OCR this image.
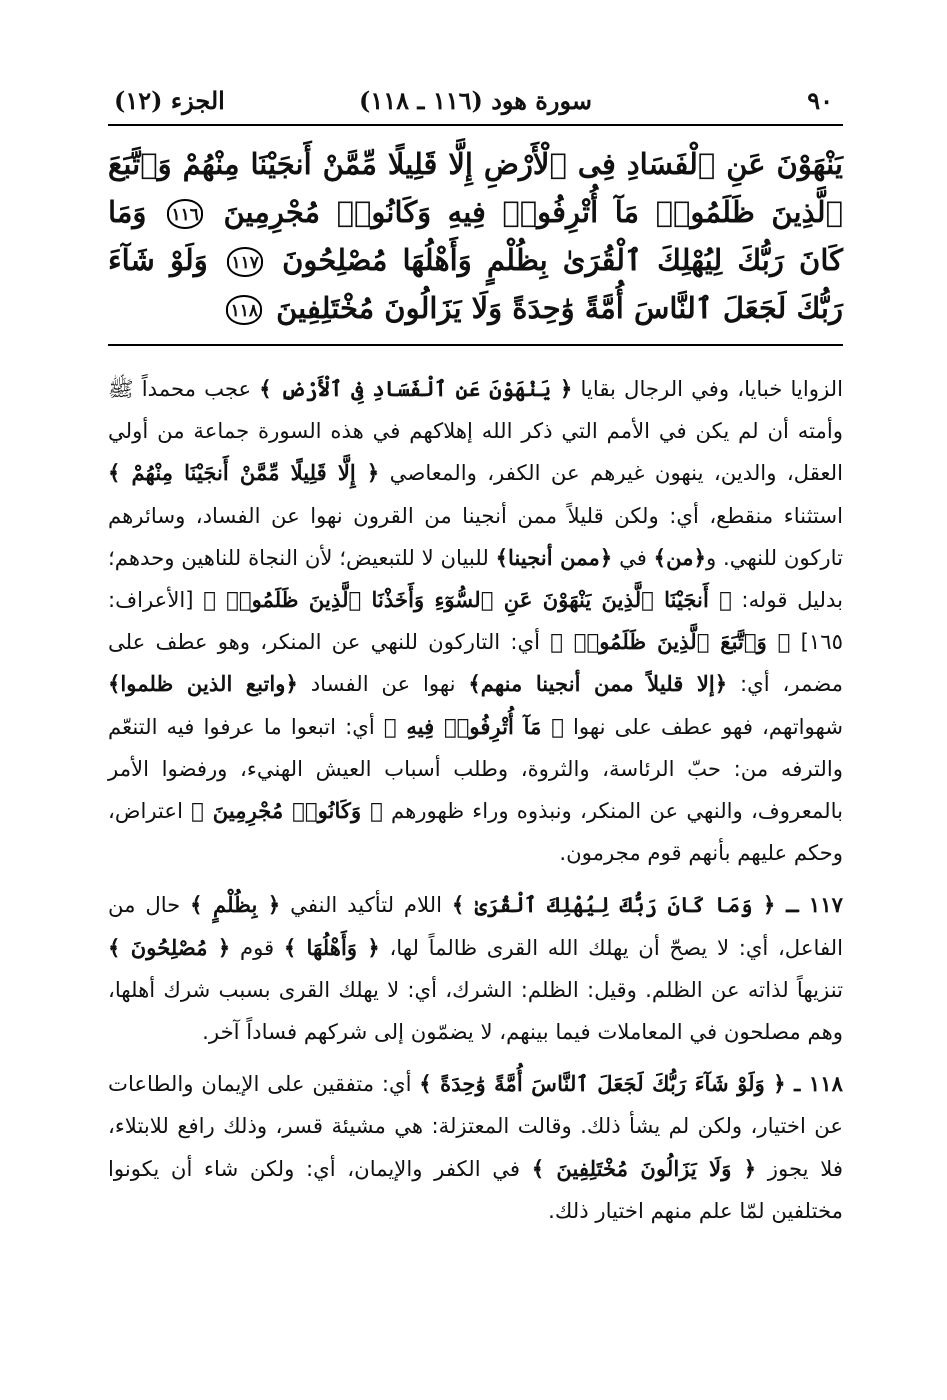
٩٠
سورة هود (١١٦ ـ ١١٨)
الجزء (١٢)
يَنْهَوْنَ عَنِ ٱلْفَسَادِ فِى ٱلْأَرْضِ إِلَّا قَلِيلًا مِّمَّنْ أَنجَيْنَا مِنْهُمْ وَٱتَّبَعَ ٱلَّذِينَ ظَلَمُوا۟ مَآ أُتْرِفُوا۟ فِيهِ وَكَانُوا۟ مُجْرِمِينَ ١١٦ وَمَا كَانَ رَبُّكَ لِيُهْلِكَ ٱلْقُرَىٰ بِظُلْمٍ وَأَهْلُهَا مُصْلِحُونَ ١١٧ وَلَوْ شَآءَ رَبُّكَ لَجَعَلَ ٱلنَّاسَ أُمَّةً وَٰحِدَةً وَلَا يَزَالُونَ مُخْتَلِفِينَ ١١٨

الزوايا خبايا، وفي الرجال بقايا ﴿ يَنْهَوْنَ عَنِ ٱلْفَسَادِ فِى ٱلْأَرْضِ ﴾ عجب محمداً ﷺ وأمته أن لم يكن في الأمم التي ذكر الله إهلاكهم في هذه السورة جماعة من أولي العقل، والدين، ينهون غيرهم عن الكفر، والمعاصي ﴿ إِلَّا قَلِيلًا مِّمَّنْ أَنجَيْنَا مِنْهُمْ ﴾ استثناء منقطع، أي: ولكن قليلاً ممن أنجينا من القرون نهوا عن الفساد، وسائرهم تاركون للنهي. و﴿من﴾ في ﴿ممن أنجينا﴾ للبيان لا للتبعيض؛ لأن النجاة للناهين وحدهم؛ بدليل قوله: ﴿ أَنجَيْنَا ٱلَّذِينَ يَنْهَوْنَ عَنِ ٱلسُّوٓءِ وَأَخَذْنَا ٱلَّذِينَ ظَلَمُوا۟ ﴾ [الأعراف: ١٦٥] ﴿ وَٱتَّبَعَ ٱلَّذِينَ ظَلَمُوا۟ ﴾ أي: التاركون للنهي عن المنكر، وهو عطف على مضمر، أي: ﴿إلا قليلاً ممن أنجينا منهم﴾ نهوا عن الفساد ﴿واتبع الذين ظلموا﴾ شهواتهم، فهو عطف على نهوا ﴿ مَآ أُتْرِفُوا۟ فِيهِ ﴾ أي: اتبعوا ما عرفوا فيه التنعّم والترفه من: حبّ الرئاسة، والثروة، وطلب أسباب العيش الهنيء، ورفضوا الأمر بالمعروف، والنهي عن المنكر، ونبذوه وراء ظهورهم ﴿ وَكَانُوا۟ مُجْرِمِينَ ﴾ اعتراض، وحكم عليهم بأنهم قوم مجرمون.

١١٧ ـ ﴿ وَمَا كَانَ رَبُّكَ لِيُهْلِكَ ٱلْقُرَىٰ ﴾ اللام لتأكيد النفي ﴿ بِظُلْمٍ ﴾ حال من الفاعل، أي: لا يصحّ أن يهلك الله القرى ظالماً لها، ﴿ وَأَهْلُهَا ﴾ قوم ﴿ مُصْلِحُونَ ﴾ تنزيهاً لذاته عن الظلم. وقيل: الظلم: الشرك، أي: لا يهلك القرى بسبب شرك أهلها، وهم مصلحون في المعاملات فيما بينهم، لا يضمّون إلى شركهم فساداً آخر.

١١٨ ـ ﴿ وَلَوْ شَآءَ رَبُّكَ لَجَعَلَ ٱلنَّاسَ أُمَّةً وَٰحِدَةً ﴾ أي: متفقين على الإيمان والطاعات عن اختيار، ولكن لم يشأ ذلك. وقالت المعتزلة: هي مشيئة قسر، وذلك رافع للابتلاء، فلا يجوز ﴿ وَلَا يَزَالُونَ مُخْتَلِفِينَ ﴾ في الكفر والإيمان، أي: ولكن شاء أن يكونوا مختلفين لمّا علم منهم اختيار ذلك.
